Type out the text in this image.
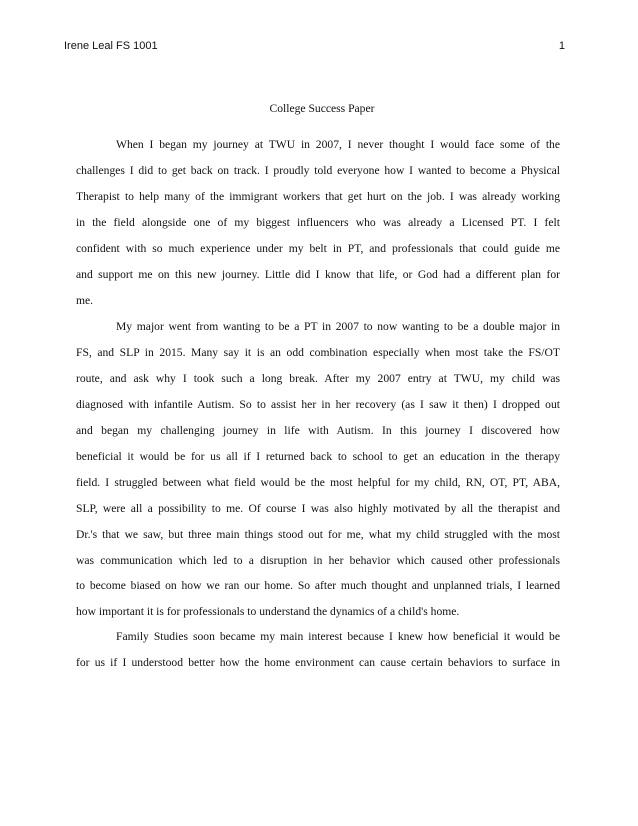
Irene Leal FS 1001	1
College Success Paper
When I began my journey at TWU in 2007, I never thought I would face some of the
challenges I did to get back on track. I proudly told everyone how I wanted to become a Physical
Therapist to help many of the immigrant workers that get hurt on the job. I was already working
in the field alongside one of my biggest influencers who was already a Licensed PT. I felt
confident with so much experience under my belt in PT, and professionals that could guide me
and support me on this new journey. Little did I know that life, or God had a different plan for
me.
My major went from wanting to be a PT in 2007 to now wanting to be a double major in
FS, and SLP in 2015. Many say it is an odd combination especially when most take the FS/OT
route, and ask why I took such a long break. After my 2007 entry at TWU, my child was
diagnosed with infantile Autism. So to assist her in her recovery (as I saw it then) I dropped out
and began my challenging journey in life with Autism. In this journey I discovered how
beneficial it would be for us all if I returned back to school to get an education in the therapy
field. I struggled between what field would be the most helpful for my child, RN, OT, PT, ABA,
SLP, were all a possibility to me. Of course I was also highly motivated by all the therapist and
Dr.'s that we saw, but three main things stood out for me, what my child struggled with the most
was communication which led to a disruption in her behavior which caused other professionals
to become biased on how we ran our home. So after much thought and unplanned trials, I learned
how important it is for professionals to understand the dynamics of a child's home.
Family Studies soon became my main interest because I knew how beneficial it would be
for us if I understood better how the home environment can cause certain behaviors to surface in
